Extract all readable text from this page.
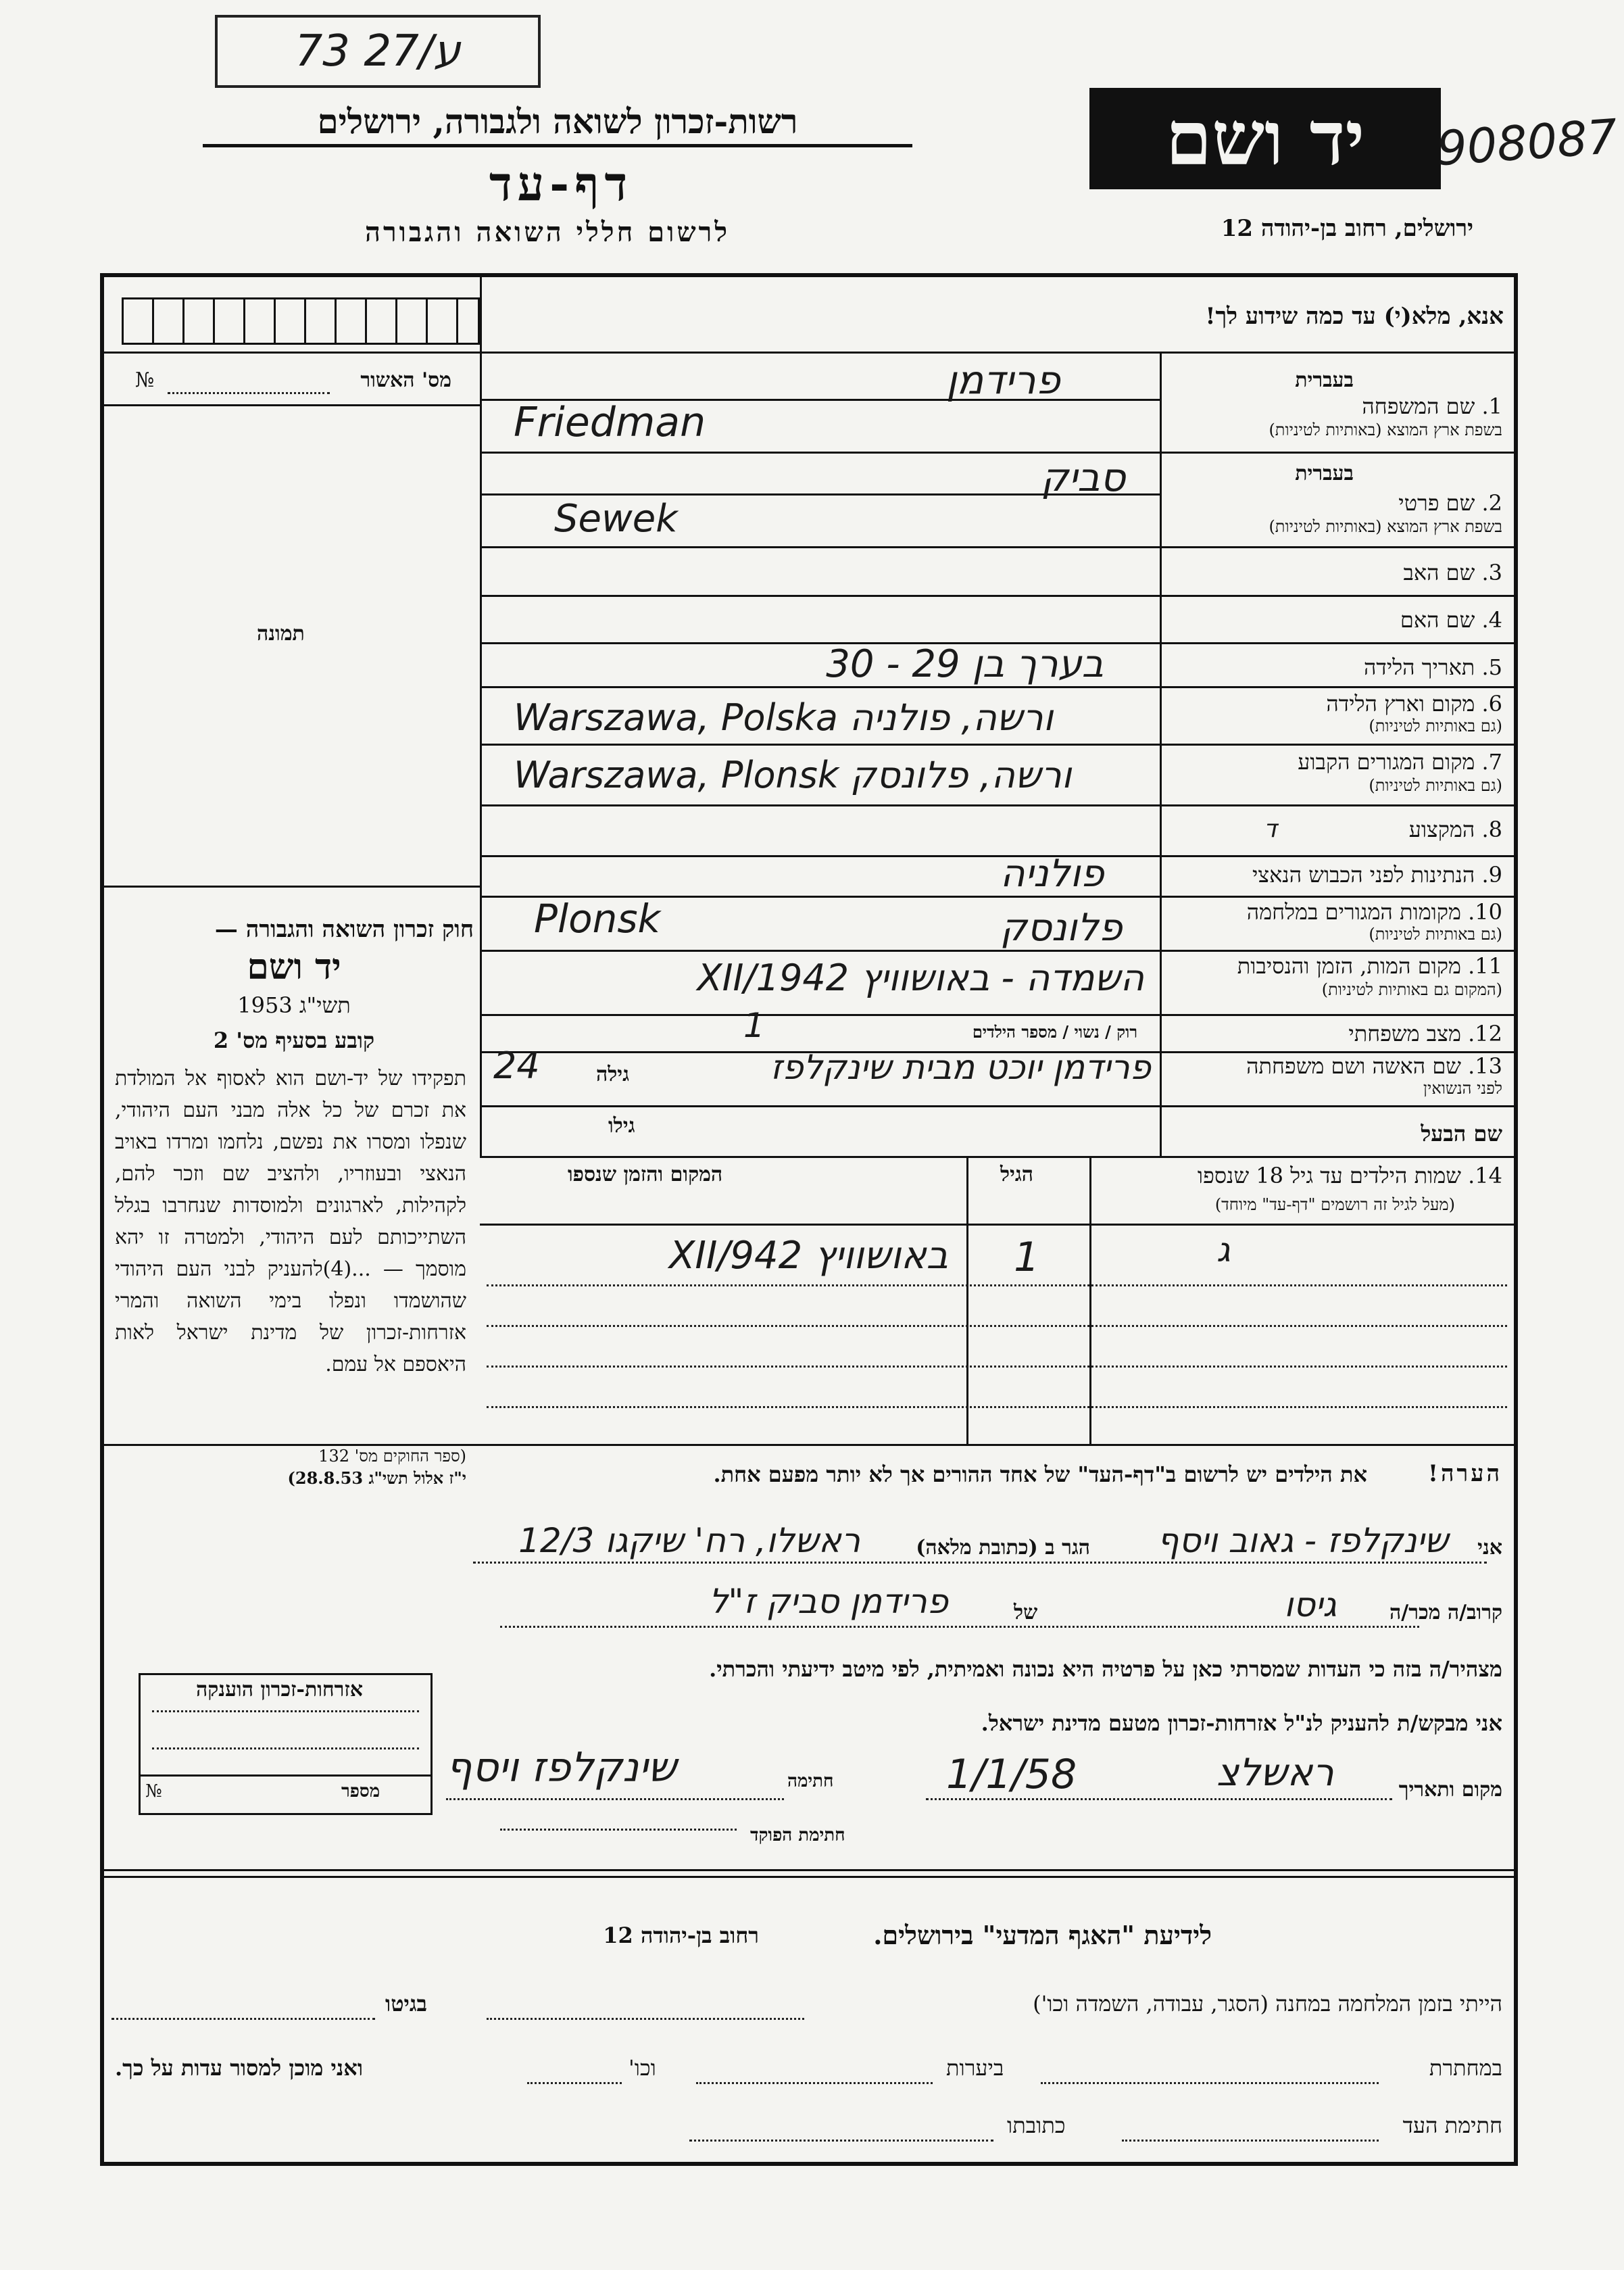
73 27/ע
רשות-זכרון לשואה ולגבורה, ירושלים
דף-עד
לרשום חללי השואה והגבורה
יד ושם	908087
ירושלים, רחוב בן-יהודה 12
אנא, מלא(י) עד כמה שידוע לך!
מס' האשור
№
תמונה
חוק זכרון השואה והגבורה —
יד ושם
תשי"ג 1953
קובע בסעיף מס' 2
תפקידו של יד-ושם הוא לאסוף אל המולדת את זכרם של כל אלה מבני העם היהודי, שנפלו ומסרו את נפשם, נלחמו ומרדו באויב הנאצי ובעוזריו, ולהציב שם וזכר להם, לקהילות, לארגונים ולמוסדות שנחרבו בגלל השתייכותם לעם היהודי, ולמטרה זו יהא מוסמך — ...(4)להעניק לבני העם היהודי שהושמדו ונפלו בימי השואה והמרי אזרחות-זכרון של מדינת ישראל לאות היאספם אל עמם.
(ספר החוקים מס' 132
י"ז אלול תשי"ג 28.8.53)
בעברית
1. שם המשפחה
בשפת ארץ המוצא (באותיות לטיניות)
פרידמן
Friedman
בעברית
2. שם פרטי
בשפת ארץ המוצא (באותיות לטיניות)
סביק
Sewek
3. שם האב
4. שם האם
5. תאריך הלידה
בערך בן 29 - 30
6. מקום וארץ הלידה
(גם באותיות לטיניות)
Warszawa, Polska ורשה, פולניה
7. מקום המגורים הקבוע
(גם באותיות לטיניות)
Warszawa, Plonsk ורשה, פלונסק
8. המקצוע
ד
9. הנתינות לפני הכבוש הנאצי
פולניה
10. מקומות המגורים במלחמה
(גם באותיות לטיניות)
Plonsk	פלונסק
11. מקום המות, הזמן והנסיבות
(המקום גם באותיות לטיניות)
השמדה - באושוויץ XII/1942
12. מצב משפחתי
רוק / נשוי / מספר הילדים
1
13. שם האשה ושם משפחתה
לפני הנשואין
פרידמן יוכט מבית שינקלפז
גילה
24
שם הבעל
גילו
14. שמות הילדים עד גיל 18 שנספו
(מעל לגיל זה רושמים "דף-עד" מיוחד)
הגיל
המקום והזמן שנספו
ג
1
באושוויץ XII/942
הערה!
את הילדים יש לרשום ב"דף-העד" של אחד ההורים אך לא יותר מפעם אחת.
אני
שינקלפז - גאוב ויסף
הגר ב (כתובת מלאה)
ראשלו, רח' שיקגו 12/3
קרוב/ה מכר/ה
גיסו
של
פרידמן סביק ז"ל
מצהיר/ה בזה כי העדות שמסרתי כאן על פרטיה היא נכונה ואמיתית, לפי מיטב ידיעתי והכרתי.
אזרחות-זכרון הוענקה
מספר
№
אני מבקש/ת להעניק לנ"ל אזרחות-זכרון מטעם מדינת ישראל.
מקום ותאריך
ראשלצ
1/1/58
חתימה
שינקלפז ויסף
חתימת הפוקד
לידיעת "האגף המדעי" בירושלים.
רחוב בן-יהודה 12
הייתי בזמן המלחמה במחנה (הסגר, עבודה, השמדה וכו')
בגיטו
במחתרת
ביערות
וכו'
ואני מוכן למסור עדות על כך.
חתימת העד
כתובתו
